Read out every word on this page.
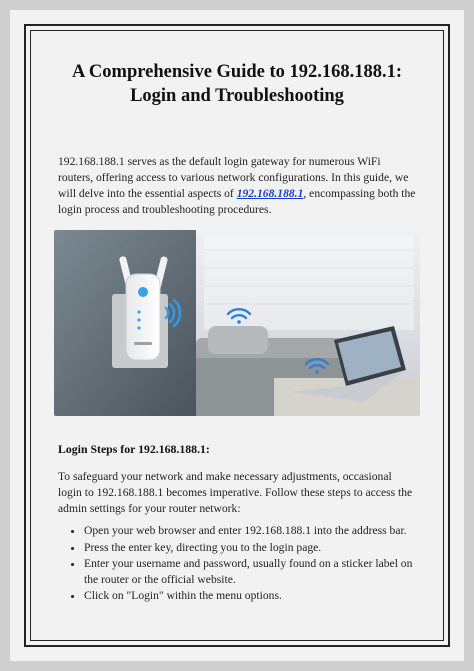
A Comprehensive Guide to 192.168.188.1:
Login and Troubleshooting

192.168.188.1 serves as the default login gateway for numerous WiFi routers, offering access to various network configurations. In this guide, we will delve into the essential aspects of 192.168.188.1, encompassing both the login process and troubleshooting procedures.

Login Steps for 192.168.188.1:

To safeguard your network and make necessary adjustments, occasional login to 192.168.188.1 becomes imperative. Follow these steps to access the admin settings for your router network:

• Open your web browser and enter 192.168.188.1 into the address bar.
• Press the enter key, directing you to the login page.
• Enter your username and password, usually found on a sticker label on the router or the official website.
• Click on "Login" within the menu options.
